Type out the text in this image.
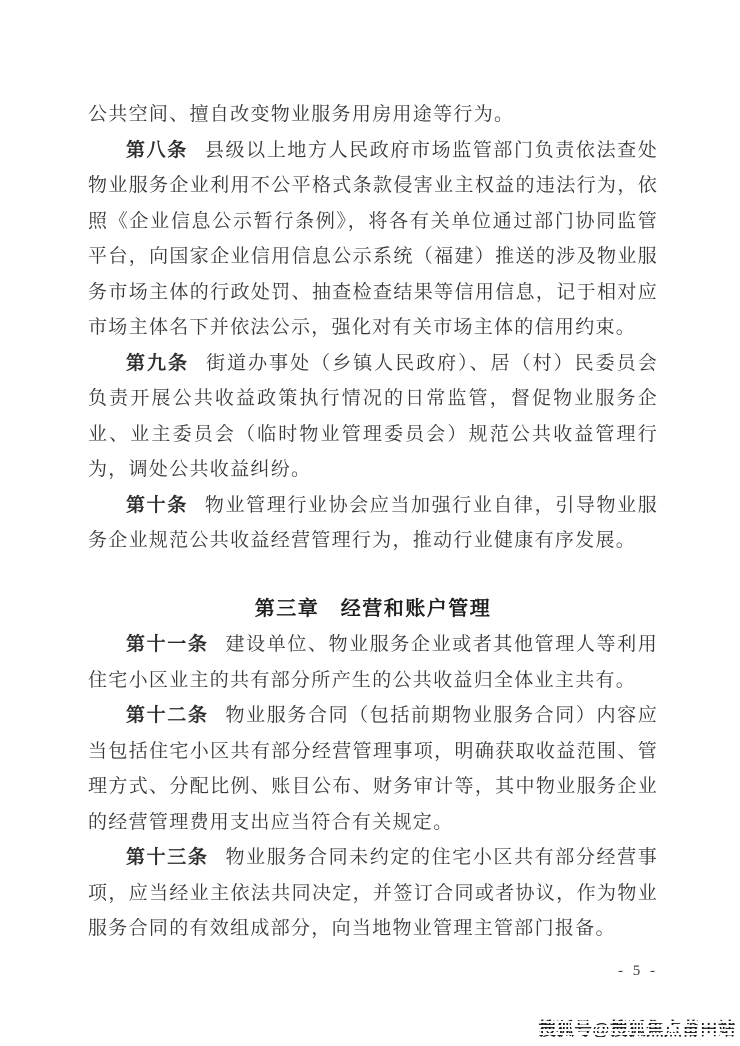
公共空间、擅自改变物业服务用房用途等行为。

第八条 县级以上地方人民政府市场监管部门负责依法查处物业服务企业利用不公平格式条款侵害业主权益的违法行为，依照《企业信息公示暂行条例》，将各有关单位通过部门协同监管平台，向国家企业信用信息公示系统（福建）推送的涉及物业服务市场主体的行政处罚、抽查检查结果等信用信息，记于相对应市场主体名下并依法公示，强化对有关市场主体的信用约束。

第九条 街道办事处（乡镇人民政府）、居（村）民委员会负责开展公共收益政策执行情况的日常监管，督促物业服务企业、业主委员会（临时物业管理委员会）规范公共收益管理行为，调处公共收益纠纷。

第十条 物业管理行业协会应当加强行业自律，引导物业服务企业规范公共收益经营管理行为，推动行业健康有序发展。

第三章　经营和账户管理

第十一条 建设单位、物业服务企业或者其他管理人等利用住宅小区业主的共有部分所产生的公共收益归全体业主共有。

第十二条 物业服务合同（包括前期物业服务合同）内容应当包括住宅小区共有部分经营管理事项，明确获取收益范围、管理方式、分配比例、账目公布、财务审计等，其中物业服务企业的经营管理费用支出应当符合有关规定。

第十三条 物业服务合同未约定的住宅小区共有部分经营事项，应当经业主依法共同决定，并签订合同或者协议，作为物业服务合同的有效组成部分，向当地物业管理主管部门报备。

- 5 -
搜狐号@搜狐焦点莆田站
